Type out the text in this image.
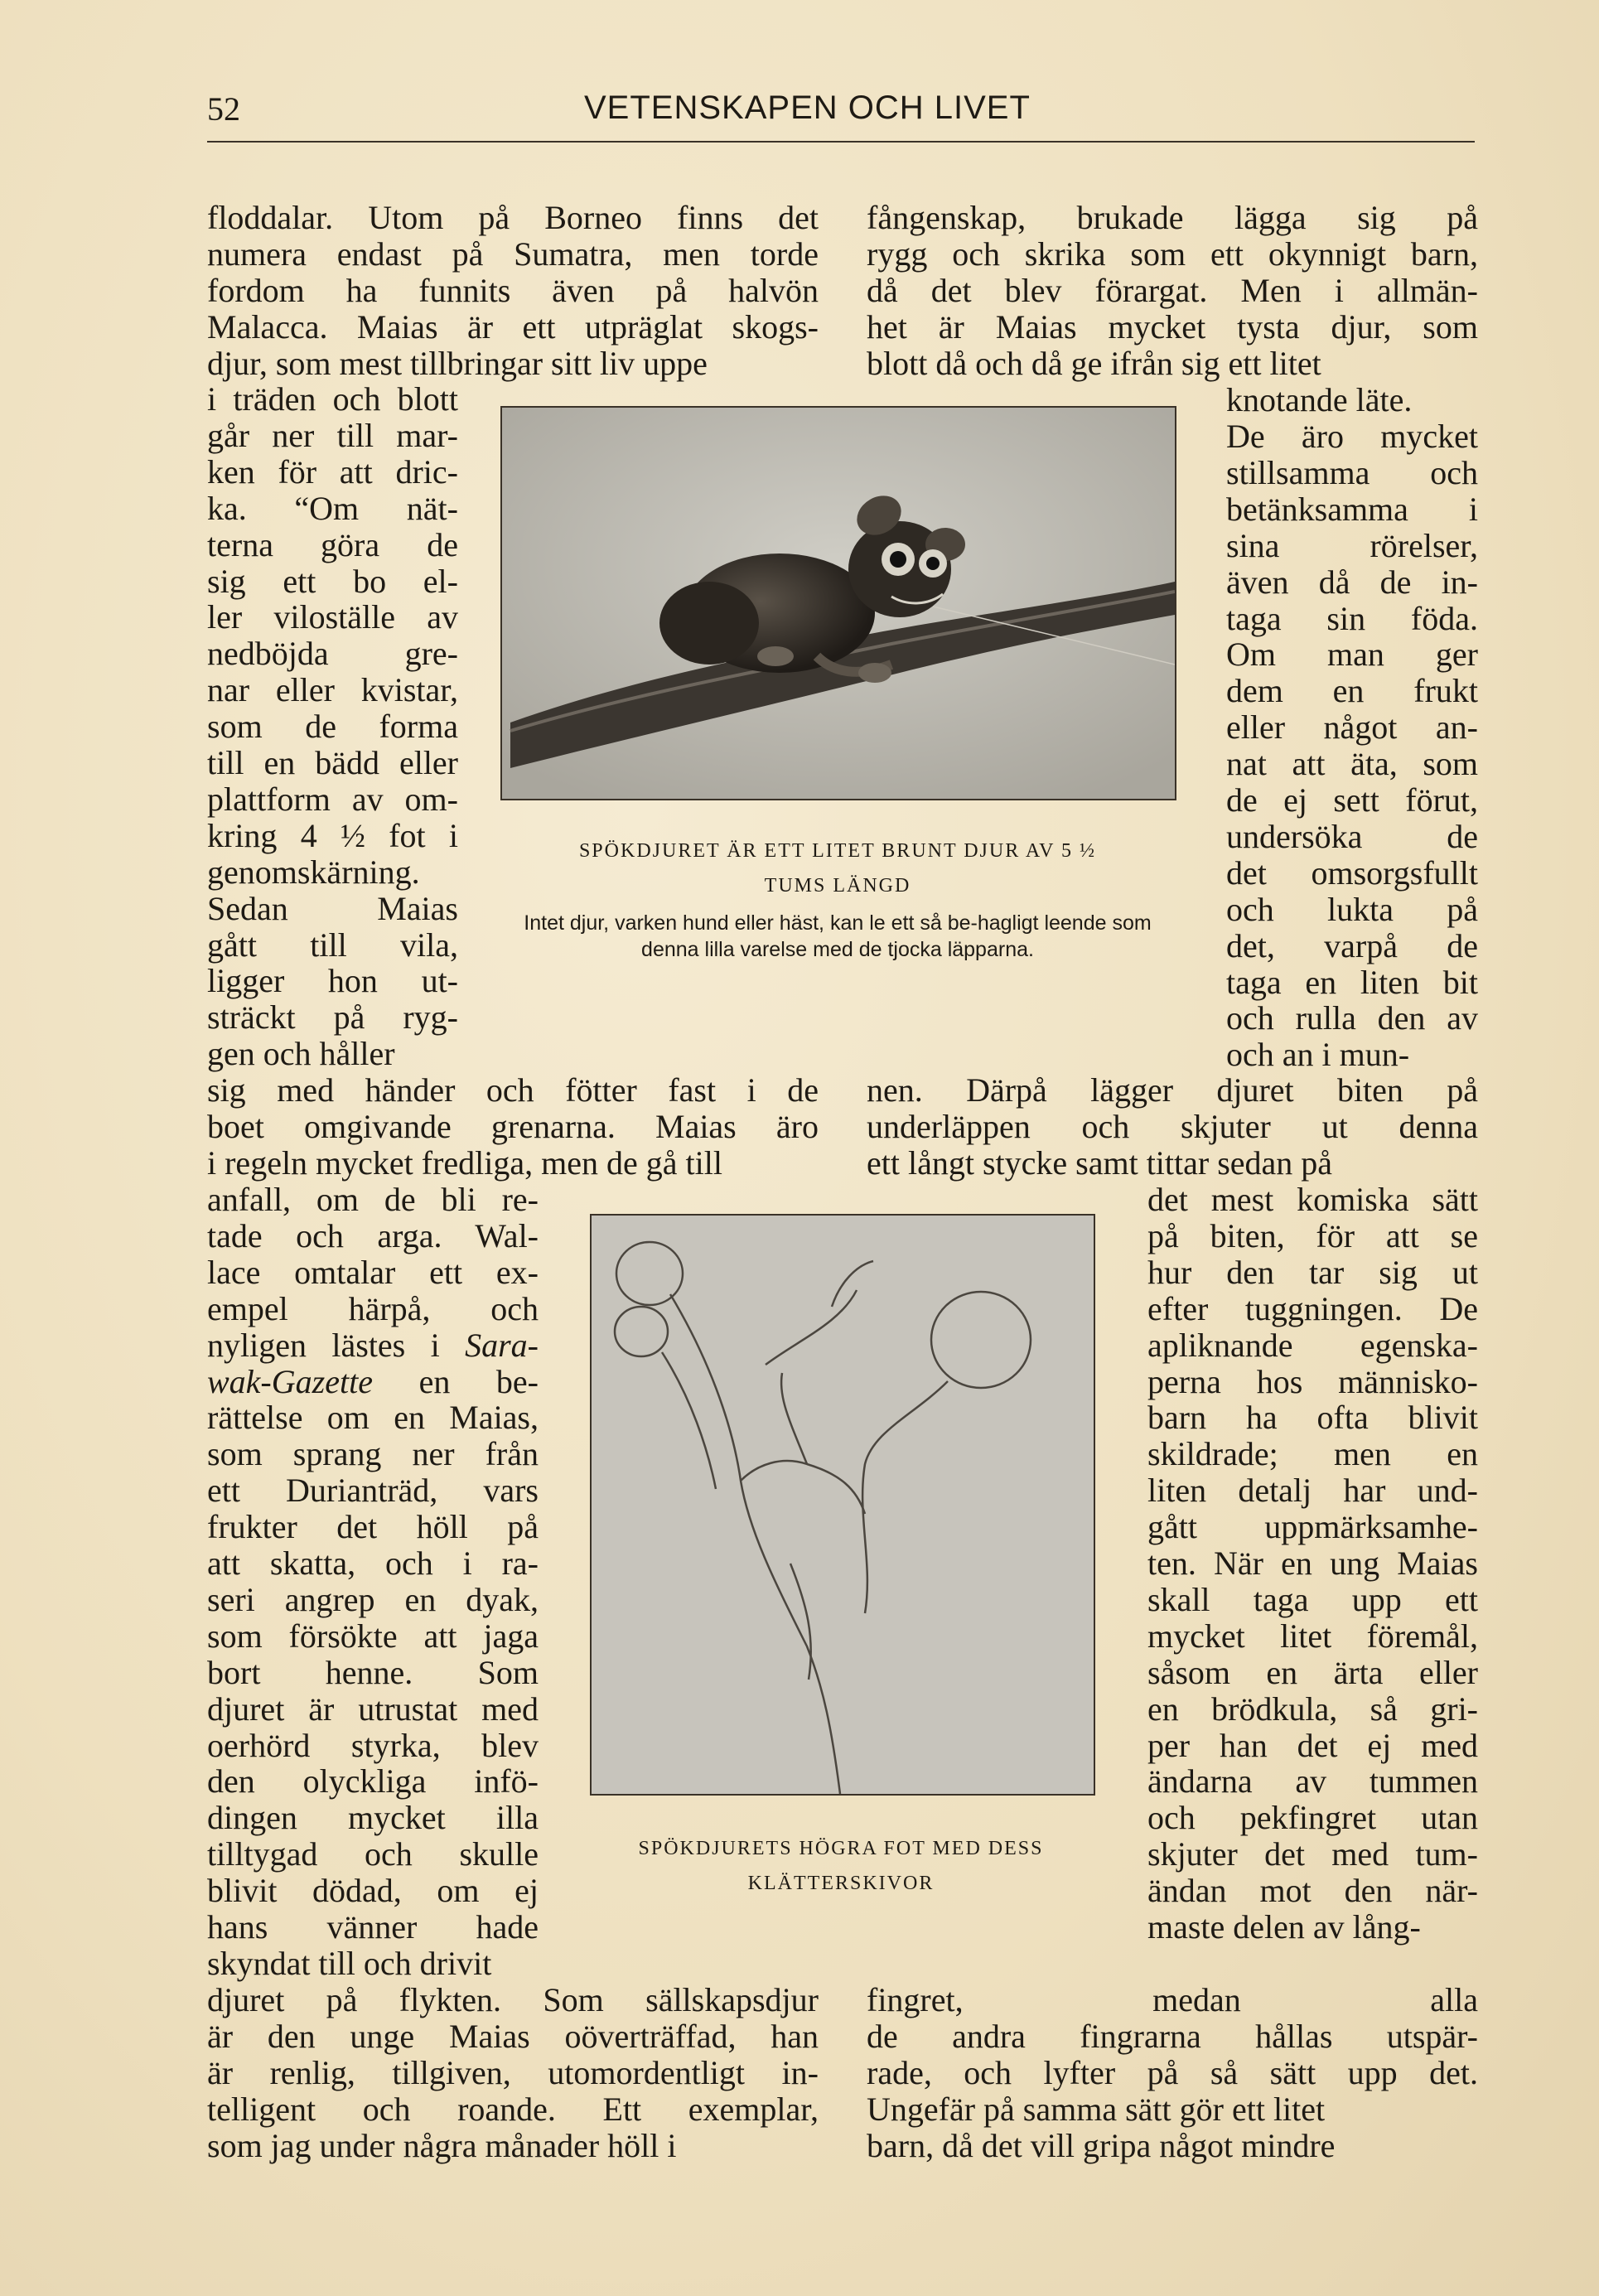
52	VETENSKAPEN OCH LIVET
SPÖKDJURET ÄR ETT LITET BRUNT DJUR AV 5 ½
TUMS LÄNGD
Intet djur, varken hund eller häst, kan le ett så be-hagligt leende som denna lilla varelse med de tjocka läpparna.
SPÖKDJURETS HÖGRA FOT MED DESS
KLÄTTERSKIVOR
floddalar. Utom på Borneo finns det
numera endast på Sumatra, men torde
fordom ha funnits även på halvön
Malacca. Maias är ett utpräglat skogs-
djur, som mest tillbringar sitt liv uppe
i träden och blott
går ner till mar-
ken för att dric-
ka. “Om nät-
terna göra de
sig ett bo el-
ler viloställe av
nedböjda gre-
nar eller kvistar,
som de forma
till en bädd eller
plattform av om-
kring 4 ½ fot i
genomskärning.
Sedan Maias
gått till vila,
ligger hon ut-
sträckt på ryg-
gen och håller
sig med händer och fötter fast i de
boet omgivande grenarna. Maias äro
i regeln mycket fredliga, men de gå till
anfall, om de bli re-
tade och arga. Wal-
lace omtalar ett ex-
empel härpå, och
nyligen lästes i Sara-
wak-Gazette en be-
rättelse om en Maias,
som sprang ner från
ett Durianträd, vars
frukter det höll på
att skatta, och i ra-
seri angrep en dyak,
som försökte att jaga
bort henne. Som
djuret är utrustat med
oerhörd styrka, blev
den olyckliga infö-
dingen mycket illa
tilltygad och skulle
blivit dödad, om ej
hans vänner hade
skyndat till och drivit
djuret på flykten. Som sällskapsdjur
är den unge Maias oöverträffad, han
är renlig, tillgiven, utomordentligt in-
telligent och roande. Ett exemplar,
som jag under några månader höll i
fångenskap, brukade lägga sig på
rygg och skrika som ett okynnigt barn,
då det blev förargat. Men i allmän-
het är Maias mycket tysta djur, som
blott då och då ge ifrån sig ett litet
knotande läte.
De äro mycket
stillsamma och
betänksamma i
sina rörelser,
även då de in-
taga sin föda.
Om man ger
dem en frukt
eller något an-
nat att äta, som
de ej sett förut,
undersöka de
det omsorgsfullt
och lukta på
det, varpå de
taga en liten bit
och rulla den av
och an i mun-
nen. Därpå lägger djuret biten på
underläppen och skjuter ut denna
ett långt stycke samt tittar sedan på
det mest komiska sätt
på biten, för att se
hur den tar sig ut
efter tuggningen. De
apliknande egenska-
perna hos människo-
barn ha ofta blivit
skildrade; men en
liten detalj har und-
gått uppmärksamhe-
ten. När en ung Maias
skall taga upp ett
mycket litet föremål,
såsom en ärta eller
en brödkula, så gri-
per han det ej med
ändarna av tummen
och pekfingret utan
skjuter det med tum-
ändan mot den när-
maste delen av lång-
fingret, medan alla
de andra fingrarna hållas utspär-
rade, och lyfter på så sätt upp det.
Ungefär på samma sätt gör ett litet
barn, då det vill gripa något mindre
